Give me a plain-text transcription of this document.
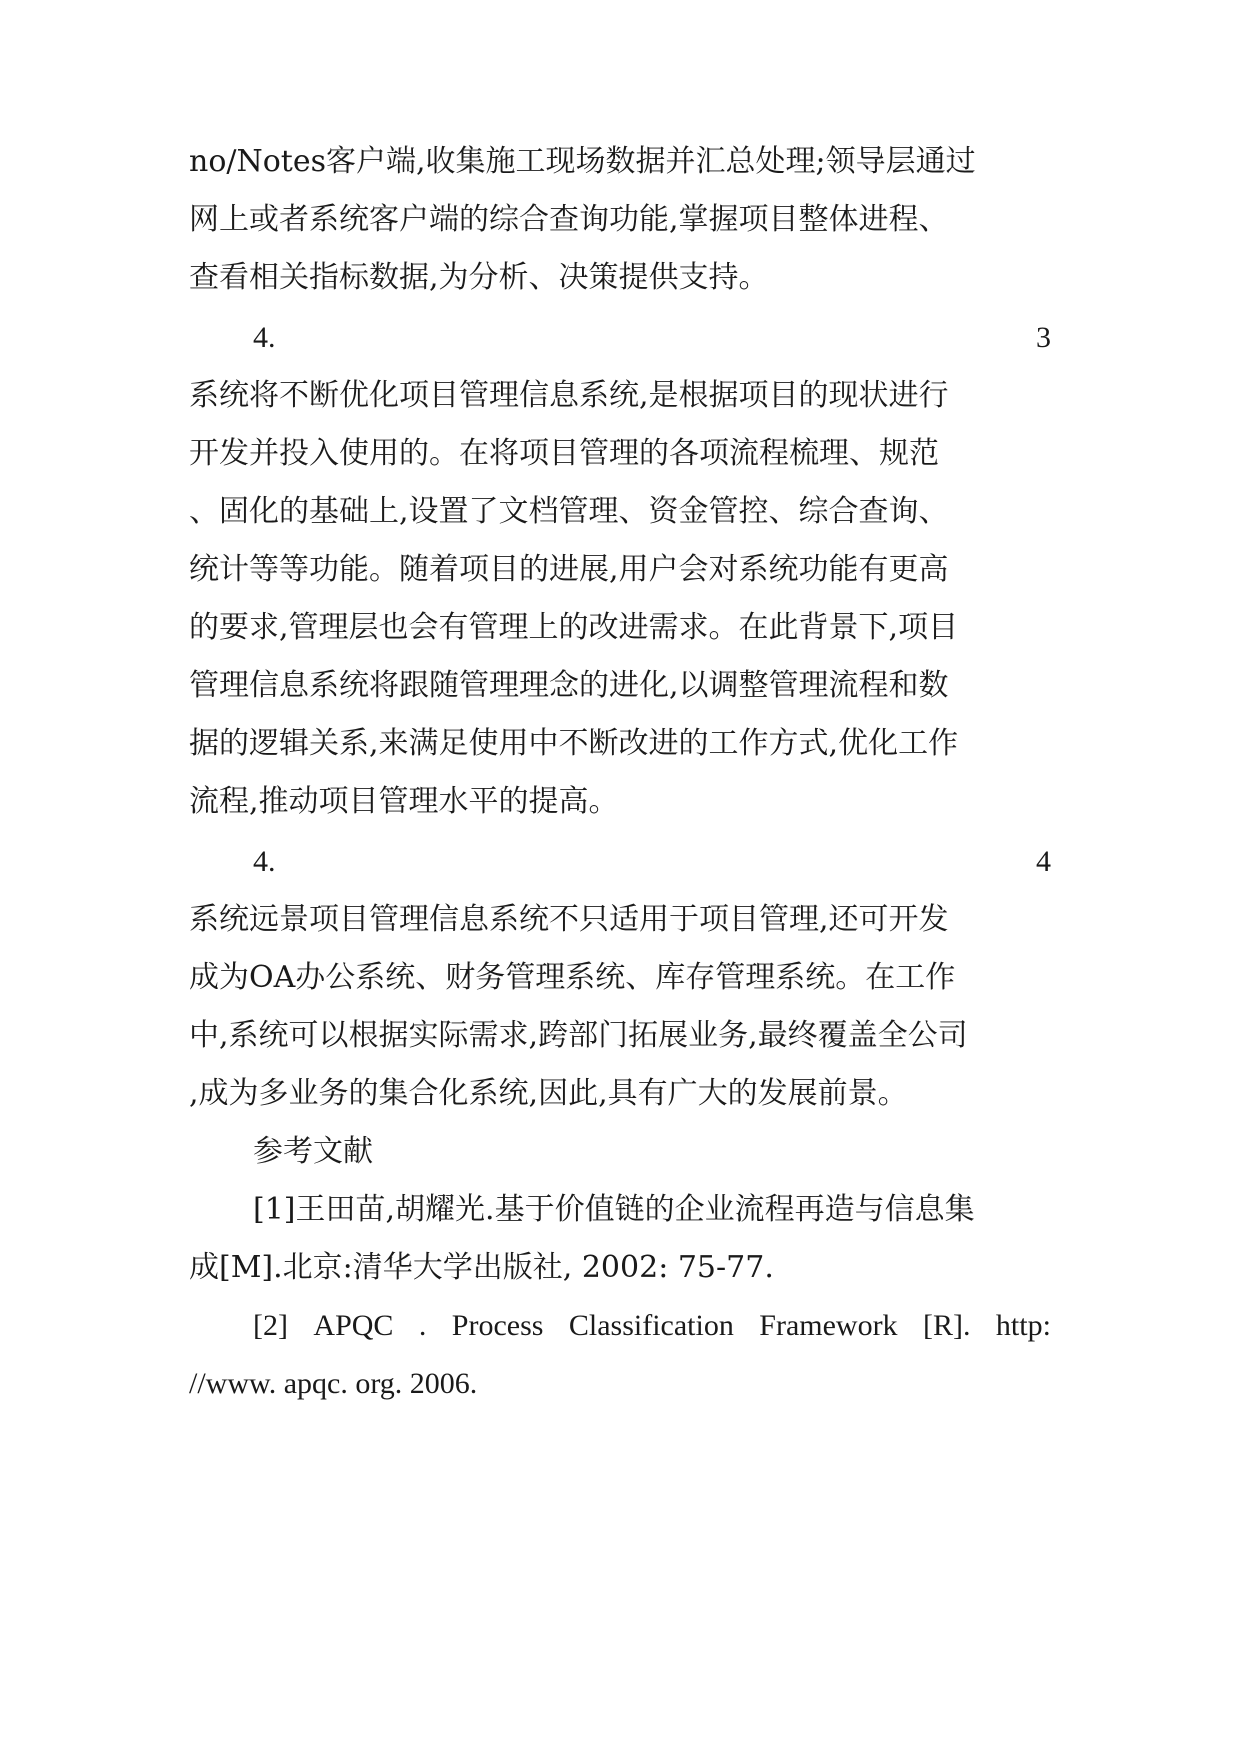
no/Notes客户端,收集施工现场数据并汇总处理;领导层通过
网上或者系统客户端的综合查询功能,掌握项目整体进程、
查看相关指标数据,为分析、决策提供支持。
4.	3
系统将不断优化项目管理信息系统,是根据项目的现状进行
开发并投入使用的。在将项目管理的各项流程梳理、规范
、固化的基础上,设置了文档管理、资金管控、综合查询、
统计等等功能。随着项目的进展,用户会对系统功能有更高
的要求,管理层也会有管理上的改进需求。在此背景下,项目
管理信息系统将跟随管理理念的进化,以调整管理流程和数
据的逻辑关系,来满足使用中不断改进的工作方式,优化工作
流程,推动项目管理水平的提高。
4.	4
系统远景项目管理信息系统不只适用于项目管理,还可开发
成为OA办公系统、财务管理系统、库存管理系统。在工作
中,系统可以根据实际需求,跨部门拓展业务,最终覆盖全公司
,成为多业务的集合化系统,因此,具有广大的发展前景。
参考文献
[1]王田苗,胡耀光.基于价值链的企业流程再造与信息集
成[M].北京:清华大学出版社, 2002: 75-77.
[2] APQC . Process Classification Framework [R]. http:
//www. apqc. org. 2006.
